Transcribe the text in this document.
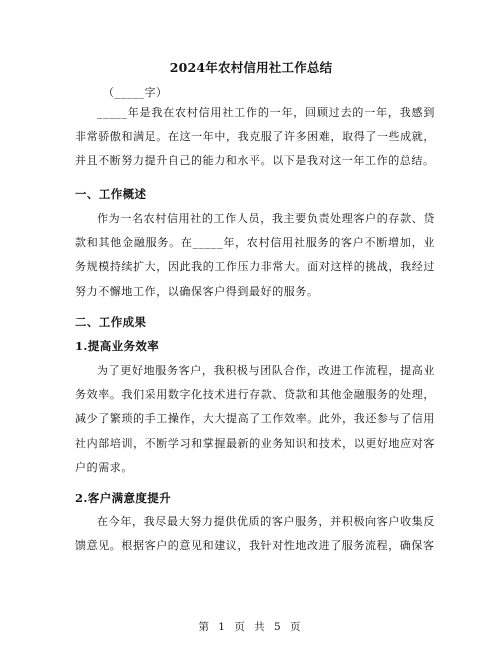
2024年农村信用社工作总结
（_____字）

_____年是我在农村信用社工作的一年，回顾过去的一年，我感到非常骄傲和满足。在这一年中，我克服了许多困难，取得了一些成就，并且不断努力提升自己的能力和水平。以下是我对这一年工作的总结。

一、工作概述

作为一名农村信用社的工作人员，我主要负责处理客户的存款、贷款和其他金融服务。在_____年，农村信用社服务的客户不断增加，业务规模持续扩大，因此我的工作压力非常大。面对这样的挑战，我经过努力不懈地工作，以确保客户得到最好的服务。

二、工作成果
1.提高业务效率

为了更好地服务客户，我积极与团队合作，改进工作流程，提高业务效率。我们采用数字化技术进行存款、贷款和其他金融服务的处理，减少了繁琐的手工操作，大大提高了工作效率。此外，我还参与了信用社内部培训，不断学习和掌握最新的业务知识和技术，以更好地应对客户的需求。

2.客户满意度提升

在今年，我尽最大努力提供优质的客户服务，并积极向客户收集反馈意见。根据客户的意见和建议，我针对性地改进了服务流程，确保客

第 1 页 共 5 页
